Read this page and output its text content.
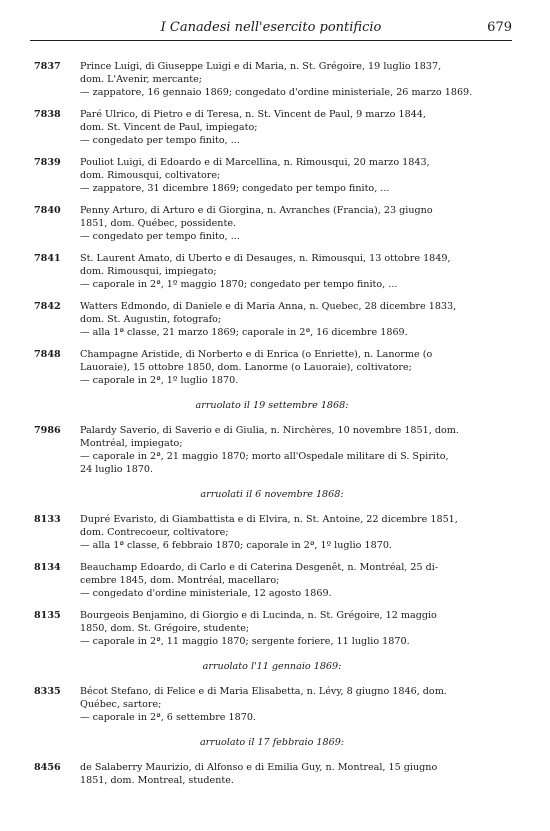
I Canadesi nell'esercito pontificio	679
7837	Prince Luigi, di Giuseppe Luigi e di Maria, n. St. Grégoire, 19 luglio 1837,
dom. L'Avenir, mercante;
— zappatore, 16 gennaio 1869; congedato d'ordine ministeriale, 26 marzo 1869.
7838	Paré Ulrico, di Pietro e di Teresa, n. St. Vincent de Paul, 9 marzo 1844,
dom. St. Vincent de Paul, impiegato;
— congedato per tempo finito, ...
7839	Pouliot Luigi, di Edoardo e di Marcellina, n. Rimousqui, 20 marzo 1843,
dom. Rimousqui, coltivatore;
— zappatore, 31 dicembre 1869; congedato per tempo finito, ...
7840	Penny Arturo, di Arturo e di Giorgina, n. Avranches (Francia), 23 giugno
1851, dom. Québec, possidente.
— congedato per tempo finito, ...
7841	St. Laurent Amato, di Uberto e di Desauges, n. Rimousqui, 13 ottobre 1849,
dom. Rimousqui, impiegato;
— caporale in 2ª, 1º maggio 1870; congedato per tempo finito, ...
7842	Watters Edmondo, di Daniele e di Maria Anna, n. Quebec, 28 dicembre 1833,
dom. St. Augustin, fotografo;
— alla 1ª classe, 21 marzo 1869; caporale in 2ª, 16 dicembre 1869.
7848	Champagne Aristide, di Norberto e di Enrica (o Enriette), n. Lanorme (o
Lauoraie), 15 ottobre 1850, dom. Lanorme (o Lauoraie), coltivatore;
— caporale in 2ª, 1º luglio 1870.
arruolato il 19 settembre 1868:
7986	Palardy Saverio, di Saverio e di Giulia, n. Nirchères, 10 novembre 1851, dom.
Montréal, impiegato;
— caporale in 2ª, 21 maggio 1870; morto all'Ospedale militare di S. Spirito,
24 luglio 1870.
arruolati il 6 novembre 1868:
8133	Dupré Evaristo, di Giambattista e di Elvira, n. St. Antoine, 22 dicembre 1851,
dom. Contrecoeur, coltivatore;
— alla 1ª classe, 6 febbraio 1870; caporale in 2ª, 1º luglio 1870.
8134	Beauchamp Edoardo, di Carlo e di Caterina Desgenêt, n. Montréal, 25 di-
cembre 1845, dom. Montréal, macellaro;
— congedato d'ordine ministeriale, 12 agosto 1869.
8135	Bourgeois Benjamino, di Giorgio e di Lucinda, n. St. Grégoire, 12 maggio
1850, dom. St. Grégoire, studente;
— caporale in 2ª, 11 maggio 1870; sergente foriere, 11 luglio 1870.
arruolato l'11 gennaio 1869:
8335	Bécot Stefano, di Felice e di Maria Elisabetta, n. Lévy, 8 giugno 1846, dom.
Québec, sartore;
— caporale in 2ª, 6 settembre 1870.
arruolato il 17 febbraio 1869:
8456	de Salaberry Maurizio, di Alfonso e di Emilia Guy, n. Montreal, 15 giugno
1851, dom. Montreal, studente.
